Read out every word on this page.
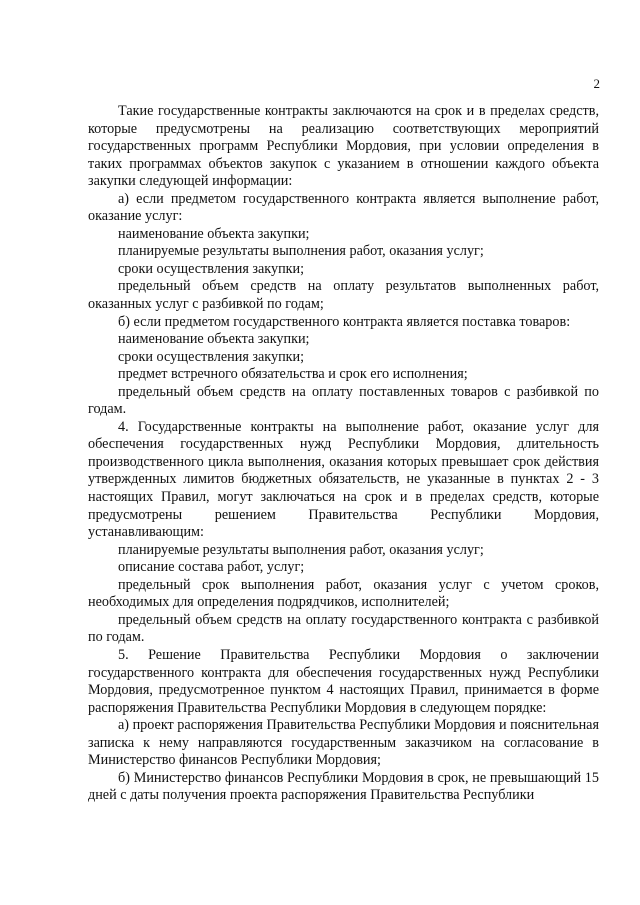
2

Такие государственные контракты заключаются на срок и в пределах средств, которые предусмотрены на реализацию соответствующих мероприятий государственных программ Республики Мордовия, при условии определения в таких программах объектов закупок с указанием в отношении каждого объекта закупки следующей информации:

а) если предметом государственного контракта является выполнение работ, оказание услуг:

наименование объекта закупки;

планируемые результаты выполнения работ, оказания услуг;

сроки осуществления закупки;

предельный объем средств на оплату результатов выполненных работ, оказанных услуг с разбивкой по годам;

б) если предметом государственного контракта является поставка товаров:

наименование объекта закупки;

сроки осуществления закупки;

предмет встречного обязательства и срок его исполнения;

предельный объем средств на оплату поставленных товаров с разбивкой по годам.

4. Государственные контракты на выполнение работ, оказание услуг для обеспечения государственных нужд Республики Мордовия, длительность производственного цикла выполнения, оказания которых превышает срок действия утвержденных лимитов бюджетных обязательств, не указанные в пунктах 2 - 3 настоящих Правил, могут заключаться на срок и в пределах средств, которые предусмотрены решением Правительства Республики Мордовия, устанавливающим:

планируемые результаты выполнения работ, оказания услуг;

описание состава работ, услуг;

предельный срок выполнения работ, оказания услуг с учетом сроков, необходимых для определения подрядчиков, исполнителей;

предельный объем средств на оплату государственного контракта с разбивкой по годам.

5. Решение Правительства Республики Мордовия о заключении государственного контракта для обеспечения государственных нужд Республики Мордовия, предусмотренное пунктом 4 настоящих Правил, принимается в форме распоряжения Правительства Республики Мордовия в следующем порядке:

а) проект распоряжения Правительства Республики Мордовия и пояснительная записка к нему направляются государственным заказчиком на согласование в Министерство финансов Республики Мордовия;

б) Министерство финансов Республики Мордовия в срок, не превышающий 15 дней с даты получения проекта распоряжения Правительства Республики
